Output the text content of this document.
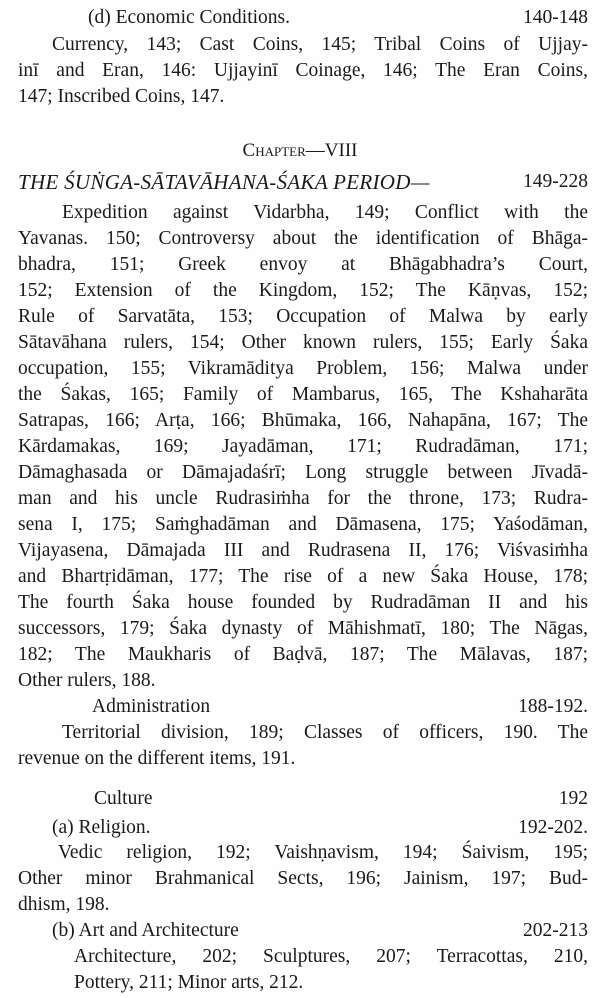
(d) Economic Conditions.	140-148
Currency, 143; Cast Coins, 145; Tribal Coins of Ujjay-
inī and Eran, 146: Ujjayinī Coinage, 146; The Eran Coins,
147; Inscribed Coins, 147.
Chapter—VIII
THE ŚUṄGA-SĀTAVĀHANA-ŚAKA PERIOD—	149-228
Expedition against Vidarbha, 149; Conflict with the
Yavanas. 150; Controversy about the identification of Bhāga-
bhadra, 151; Greek envoy at Bhāgabhadra’s Court,
152; Extension of the Kingdom, 152; The Kāṇvas, 152;
Rule of Sarvatāta, 153; Occupation of Malwa by early
Sātavāhana rulers, 154; Other known rulers, 155; Early Śaka
occupation, 155; Vikramāditya Problem, 156; Malwa under
the Śakas, 165; Family of Mambarus, 165, The Kshaharāta
Satrapas, 166; Arṭa, 166; Bhūmaka, 166, Nahapāna, 167; The
Kārdamakas, 169; Jayadāman, 171; Rudradāman, 171;
Dāmaghasada or Dāmajadaśrī; Long struggle between Jīvadā-
man and his uncle Rudrasiṁha for the throne, 173; Rudra-
sena I, 175; Saṁghadāman and Dāmasena, 175; Yaśodāman,
Vijayasena, Dāmajada III and Rudrasena II, 176; Viśvasiṁha
and Bhartṛidāman, 177; The rise of a new Śaka House, 178;
The fourth Śaka house founded by Rudradāman II and his
successors, 179; Śaka dynasty of Māhishmatī, 180; The Nāgas,
182; The Maukharis of Baḍvā, 187; The Mālavas, 187;
Other rulers, 188.
Administration	188-192.
Territorial division, 189; Classes of officers, 190. The
revenue on the different items, 191.
Culture	192
(a) Religion.	192-202.
Vedic religion, 192; Vaishṇavism, 194; Śaivism, 195;
Other minor Brahmanical Sects, 196; Jainism, 197; Bud-
dhism, 198.
(b) Art and Architecture	202-213
Architecture, 202; Sculptures, 207; Terracottas, 210,
Pottery, 211; Minor arts, 212.
